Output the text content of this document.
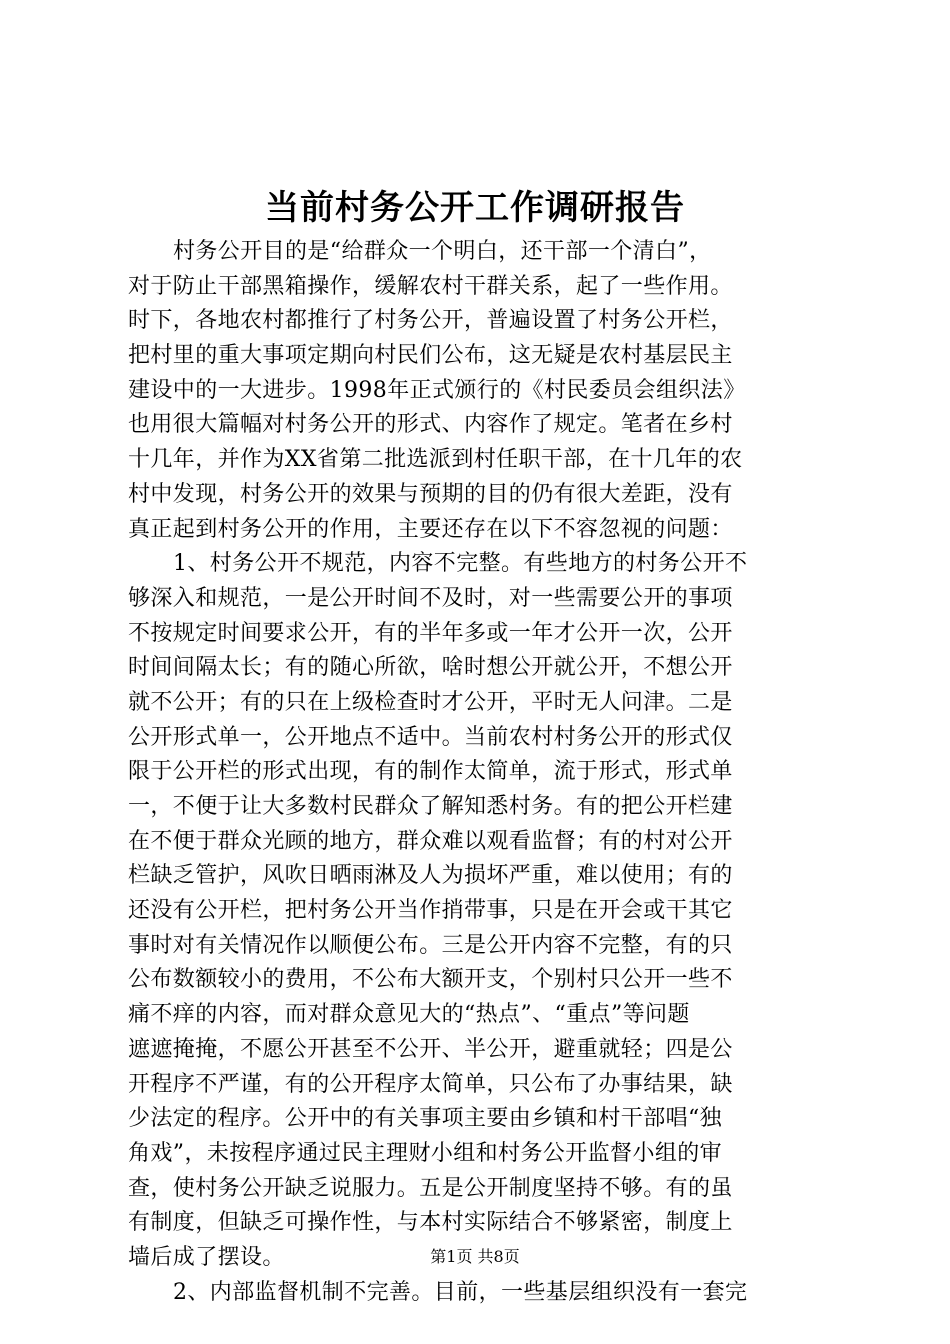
当前村务公开工作调研报告
村务公开目的是“给群众一个明白，还干部一个清白”，
对于防止干部黑箱操作，缓解农村干群关系，起了一些作用。
时下，各地农村都推行了村务公开，普遍设置了村务公开栏，
把村里的重大事项定期向村民们公布，这无疑是农村基层民主
建设中的一大进步。1998年正式颁行的《村民委员会组织法》
也用很大篇幅对村务公开的形式、内容作了规定。笔者在乡村
十几年，并作为XX省第二批选派到村任职干部，在十几年的农
村中发现，村务公开的效果与预期的目的仍有很大差距，没有
真正起到村务公开的作用，主要还存在以下不容忽视的问题：
1、村务公开不规范，内容不完整。有些地方的村务公开不
够深入和规范，一是公开时间不及时，对一些需要公开的事项
不按规定时间要求公开，有的半年多或一年才公开一次，公开
时间间隔太长；有的随心所欲，啥时想公开就公开，不想公开
就不公开；有的只在上级检查时才公开，平时无人问津。二是
公开形式单一，公开地点不适中。当前农村村务公开的形式仅
限于公开栏的形式出现，有的制作太简单，流于形式，形式单
一，不便于让大多数村民群众了解知悉村务。有的把公开栏建
在不便于群众光顾的地方，群众难以观看监督；有的村对公开
栏缺乏管护，风吹日晒雨淋及人为损坏严重，难以使用；有的
还没有公开栏，把村务公开当作捎带事，只是在开会或干其它
事时对有关情况作以顺便公布。三是公开内容不完整，有的只
公布数额较小的费用，不公布大额开支，个别村只公开一些不
痛不痒的内容，而对群众意见大的“热点”、“重点”等问题
遮遮掩掩，不愿公开甚至不公开、半公开，避重就轻；四是公
开程序不严谨，有的公开程序太简单，只公布了办事结果，缺
少法定的程序。公开中的有关事项主要由乡镇和村干部唱“独
角戏”，未按程序通过民主理财小组和村务公开监督小组的审
查，使村务公开缺乏说服力。五是公开制度坚持不够。有的虽
有制度，但缺乏可操作性，与本村实际结合不够紧密，制度上
墙后成了摆设。
2、内部监督机制不完善。目前，一些基层组织没有一套完
第1页 共8页
